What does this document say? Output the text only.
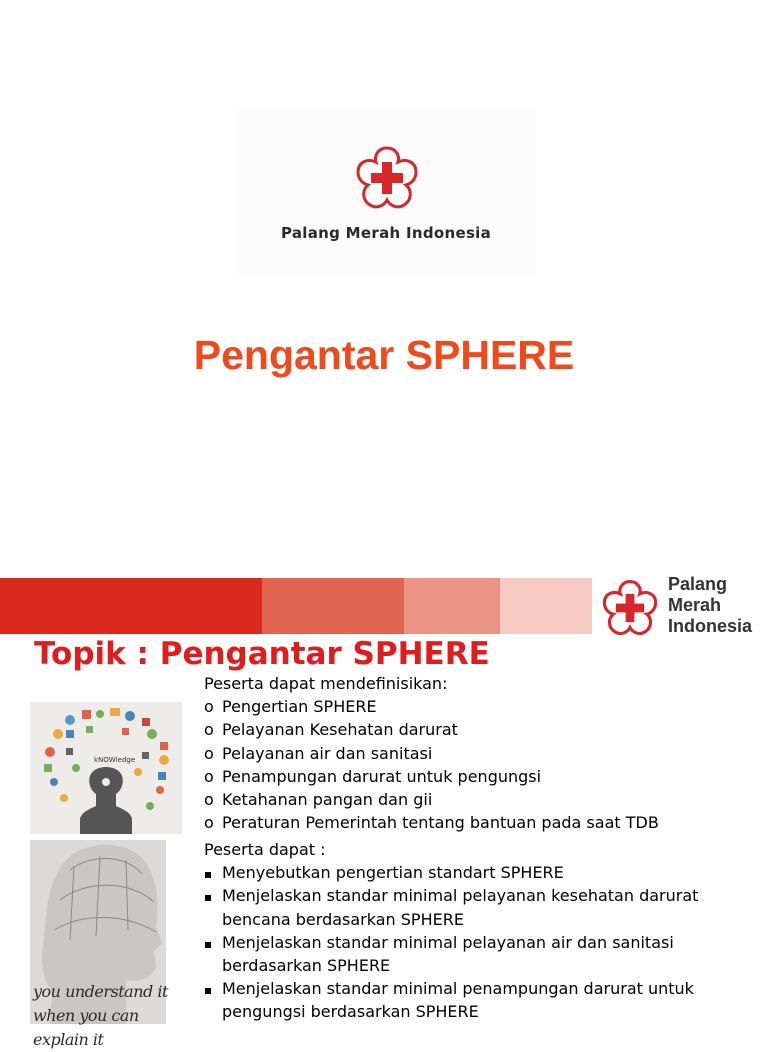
Palang Merah Indonesia
Pengantar SPHERE
Palang
Merah
Indonesia
Topik : Pengantar SPHERE
kNOWledge
you understand it when you can explain it
Peserta dapat mendefinisikan:
o Pengertian SPHERE
o Pelayanan Kesehatan darurat
o Pelayanan air dan sanitasi
o Penampungan darurat untuk pengungsi
o Ketahanan pangan dan gii
o Peraturan Pemerintah tentang bantuan pada saat TDB
Peserta dapat :
Menyebutkan pengertian standart SPHERE
Menjelaskan standar minimal pelayanan kesehatan darurat
bencana berdasarkan SPHERE
Menjelaskan standar minimal pelayanan air dan sanitasi
berdasarkan SPHERE
Menjelaskan standar minimal penampungan darurat untuk
pengungsi berdasarkan SPHERE
